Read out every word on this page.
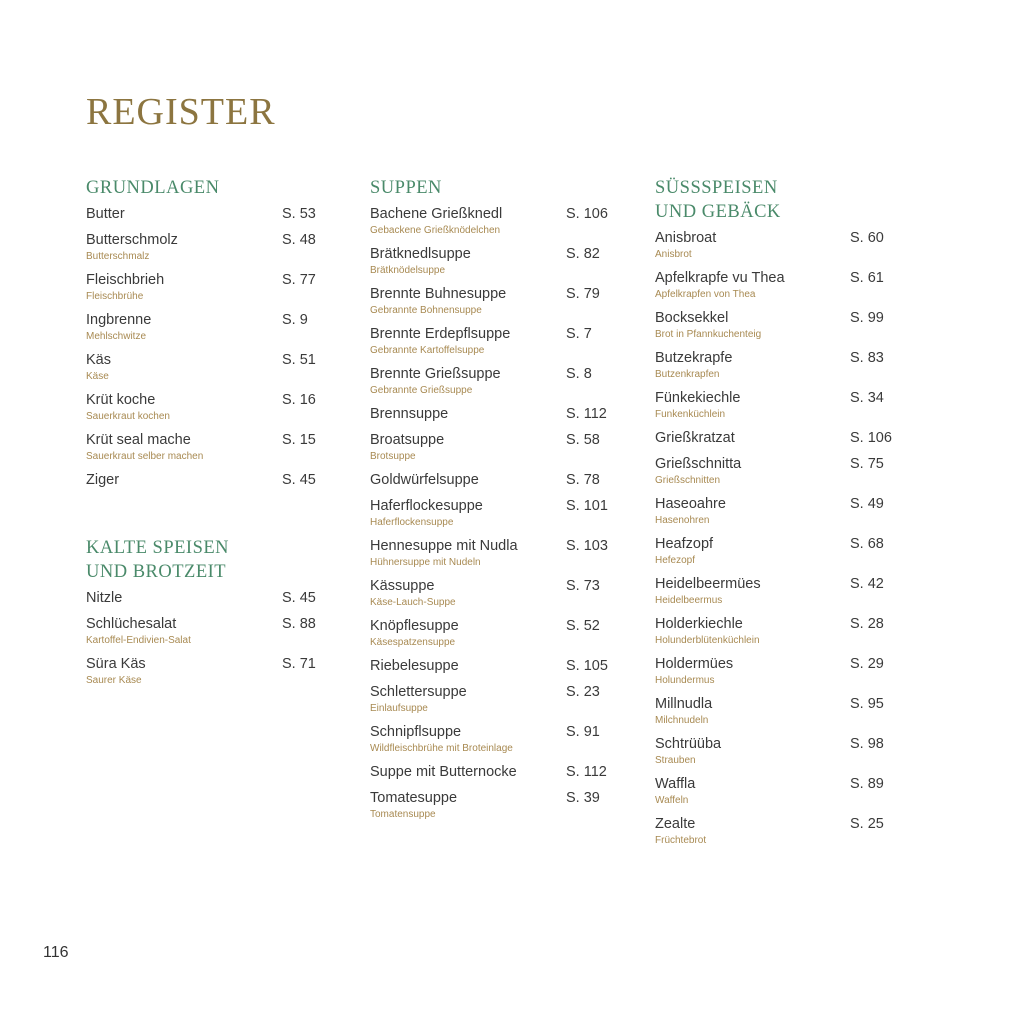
REGISTER
GRUNDLAGEN
Butter	S. 53
Butterschmolz	S. 48
Butterschmalz
Fleischbrieh	S. 77
Fleischbrühe
Ingbrenne	S. 9
Mehlschwitze
Käs	S. 51
Käse
Krüt koche	S. 16
Sauerkraut kochen
Krüt seal mache	S. 15
Sauerkraut selber machen
Ziger	S. 45
KALTE SPEISEN
UND BROTZEIT
Nitzle	S. 45
Schlüchesalat	S. 88
Kartoffel-Endivien-Salat
Süra Käs	S. 71
Saurer Käse
SUPPEN
Bachene Grießknedl	S. 106
Gebackene Grießknödelchen
Brätknedlsuppe	S. 82
Brätknödelsuppe
Brennte Buhnesuppe	S. 79
Gebrannte Bohnensuppe
Brennte Erdepflsuppe	S. 7
Gebrannte Kartoffelsuppe
Brennte Grießsuppe	S. 8
Gebrannte Grießsuppe
Brennsuppe	S. 112
Broatsuppe	S. 58
Brotsuppe
Goldwürfelsuppe	S. 78
Haferflockesuppe	S. 101
Haferflockensuppe
Hennesuppe mit Nudla	S. 103
Hühnersuppe mit Nudeln
Kässuppe	S. 73
Käse-Lauch-Suppe
Knöpflesuppe	S. 52
Käsespatzensuppe
Riebelesuppe	S. 105
Schlettersuppe	S. 23
Einlaufsuppe
Schnipflsuppe	S. 91
Wildfleischbrühe mit Broteinlage
Suppe mit Butternocke	S. 112
Tomatesuppe	S. 39
Tomatensuppe
SÜSSSPEISEN
UND GEBÄCK
Anisbroat	S. 60
Anisbrot
Apfelkrapfe vu Thea	S. 61
Apfelkrapfen von Thea
Bocksekkel	S. 99
Brot in Pfannkuchenteig
Butzekrapfe	S. 83
Butzenkrapfen
Fünkekiechle	S. 34
Funkenküchlein
Grießkratzat	S. 106
Grießschnitta	S. 75
Grießschnitten
Haseoahre	S. 49
Hasenohren
Heafzopf	S. 68
Hefezopf
Heidelbeermües	S. 42
Heidelbeermus
Holderkiechle	S. 28
Holunderblütenküchlein
Holdermües	S. 29
Holundermus
Millnudla	S. 95
Milchnudeln
Schtrüüba	S. 98
Strauben
Waffla	S. 89
Waffeln
Zealte	S. 25
Früchtebrot
116
